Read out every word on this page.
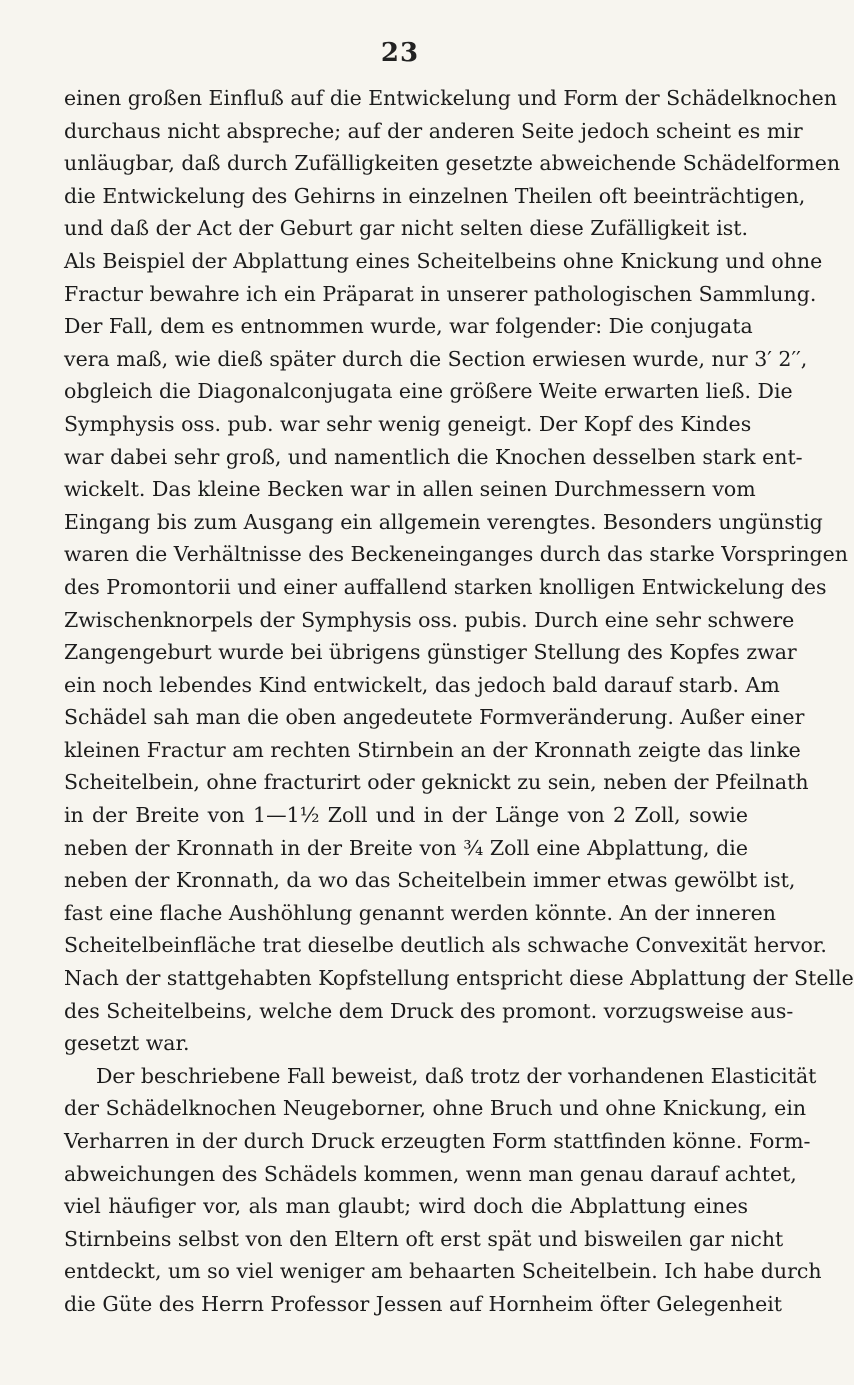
23
einen großen Einfluß auf die Entwickelung und Form der Schädelknochen
durchaus nicht abspreche; auf der anderen Seite jedoch scheint es mir
unläugbar, daß durch Zufälligkeiten gesetzte abweichende Schädelformen
die Entwickelung des Gehirns in einzelnen Theilen oft beeinträchtigen,
und daß der Act der Geburt gar nicht selten diese Zufälligkeit ist.
Als Beispiel der Abplattung eines Scheitelbeins ohne Knickung und ohne
Fractur bewahre ich ein Präparat in unserer pathologischen Sammlung.
Der Fall, dem es entnommen wurde, war folgender: Die conjugata
vera maß, wie dieß später durch die Section erwiesen wurde, nur 3′ 2′′,
obgleich die Diagonalconjugata eine größere Weite erwarten ließ. Die
Symphysis oss. pub. war sehr wenig geneigt. Der Kopf des Kindes
war dabei sehr groß, und namentlich die Knochen desselben stark ent-
wickelt. Das kleine Becken war in allen seinen Durchmessern vom
Eingang bis zum Ausgang ein allgemein verengtes. Besonders ungünstig
waren die Verhältnisse des Beckeneinganges durch das starke Vorspringen
des Promontorii und einer auffallend starken knolligen Entwickelung des
Zwischenknorpels der Symphysis oss. pubis. Durch eine sehr schwere
Zangengeburt wurde bei übrigens günstiger Stellung des Kopfes zwar
ein noch lebendes Kind entwickelt, das jedoch bald darauf starb. Am
Schädel sah man die oben angedeutete Formveränderung. Außer einer
kleinen Fractur am rechten Stirnbein an der Kronnath zeigte das linke
Scheitelbein, ohne fracturirt oder geknickt zu sein, neben der Pfeilnath
in der Breite von 1—1½ Zoll und in der Länge von 2 Zoll, sowie
neben der Kronnath in der Breite von ¾ Zoll eine Abplattung, die
neben der Kronnath, da wo das Scheitelbein immer etwas gewölbt ist,
fast eine flache Aushöhlung genannt werden könnte. An der inneren
Scheitelbeinfläche trat dieselbe deutlich als schwache Convexität hervor.
Nach der stattgehabten Kopfstellung entspricht diese Abplattung der Stelle
des Scheitelbeins, welche dem Druck des promont. vorzugsweise aus-
gesetzt war.
Der beschriebene Fall beweist, daß trotz der vorhandenen Elasticität
der Schädelknochen Neugeborner, ohne Bruch und ohne Knickung, ein
Verharren in der durch Druck erzeugten Form stattfinden könne. Form-
abweichungen des Schädels kommen, wenn man genau darauf achtet,
viel häufiger vor, als man glaubt; wird doch die Abplattung eines
Stirnbeins selbst von den Eltern oft erst spät und bisweilen gar nicht
entdeckt, um so viel weniger am behaarten Scheitelbein. Ich habe durch
die Güte des Herrn Professor Jessen auf Hornheim öfter Gelegenheit
